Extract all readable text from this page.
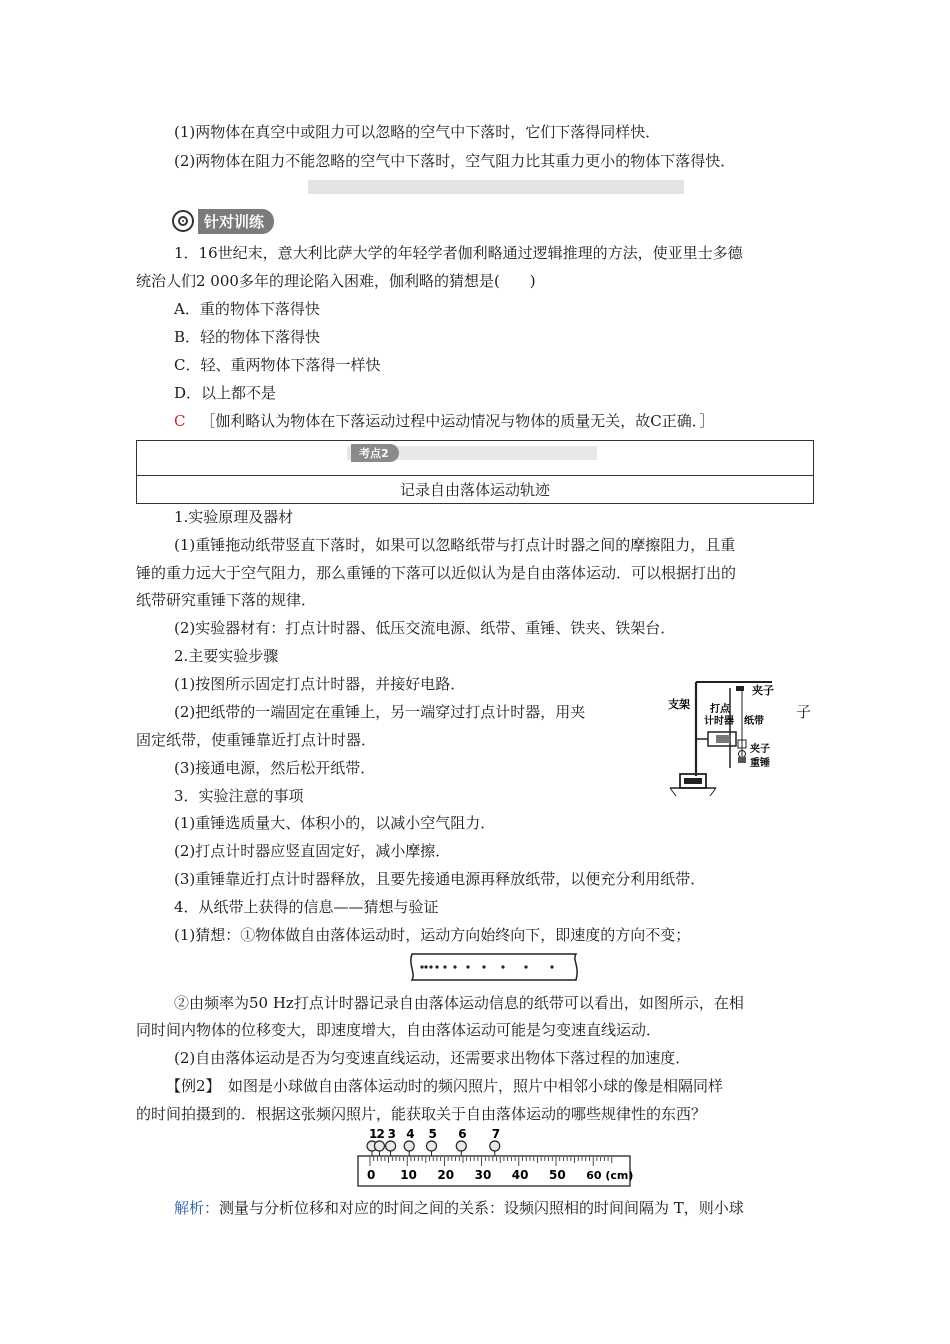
(1)两物体在真空中或阻力可以忽略的空气中下落时，它们下落得同样快．
(2)两物体在阻力不能忽略的空气中下落时，空气阻力比其重力更小的物体下落得快．
针对训练
1．16世纪末，意大利比萨大学的年轻学者伽利略通过逻辑推理的方法，使亚里士多德
统治人们2 000多年的理论陷入困难，伽利略的猜想是(　　)
A．重的物体下落得快
B．轻的物体下落得快
C．轻、重两物体下落得一样快
D．以上都不是
C ［伽利略认为物体在下落运动过程中运动情况与物体的质量无关，故C正确．］
考点2
记录自由落体运动轨迹
1.实验原理及器材
(1)重锤拖动纸带竖直下落时，如果可以忽略纸带与打点计时器之间的摩擦阻力，且重
锤的重力远大于空气阻力，那么重锤的下落可以近似认为是自由落体运动．可以根据打出的
纸带研究重锤下落的规律．
(2)实验器材有：打点计时器、低压交流电源、纸带、重锤、铁夹、铁架台．
2.主要实验步骤
(1)按图所示固定打点计时器，并接好电路．
(2)把纸带的一端固定在重锤上，另一端穿过打点计时器，用夹	子
固定纸带，使重锤靠近打点计时器．
(3)接通电源，然后松开纸带．
3．实验注意的事项
(1)重锤选质量大、体积小的，以减小空气阻力．
(2)打点计时器应竖直固定好，减小摩擦．
(3)重锤靠近打点计时器释放，且要先接通电源再释放纸带，以便充分利用纸带．
4．从纸带上获得的信息——猜想与验证
(1)猜想：①物体做自由落体运动时，运动方向始终向下，即速度的方向不变；
②由频率为50 Hz打点计时器记录自由落体运动信息的纸带可以看出，如图所示，在相
同时间内物体的位移变大，即速度增大，自由落体运动可能是匀变速直线运动．
(2)自由落体运动是否为匀变速直线运动，还需要求出物体下落过程的加速度．
【例2】　如图是小球做自由落体运动时的频闪照片，照片中相邻小球的像是相隔同样
的时间拍摄到的．根据这张频闪照片，能获取关于自由落体运动的哪些规律性的东西？
解析：测量与分析位移和对应的时间之间的关系：设频闪照相的时间间隔为 T，则小球
支架
夹子
打点
计时器 纸带
夹子
重锤
0 10 20 30 40 50 60 (cm)
1 2 3 4 5 6 7
